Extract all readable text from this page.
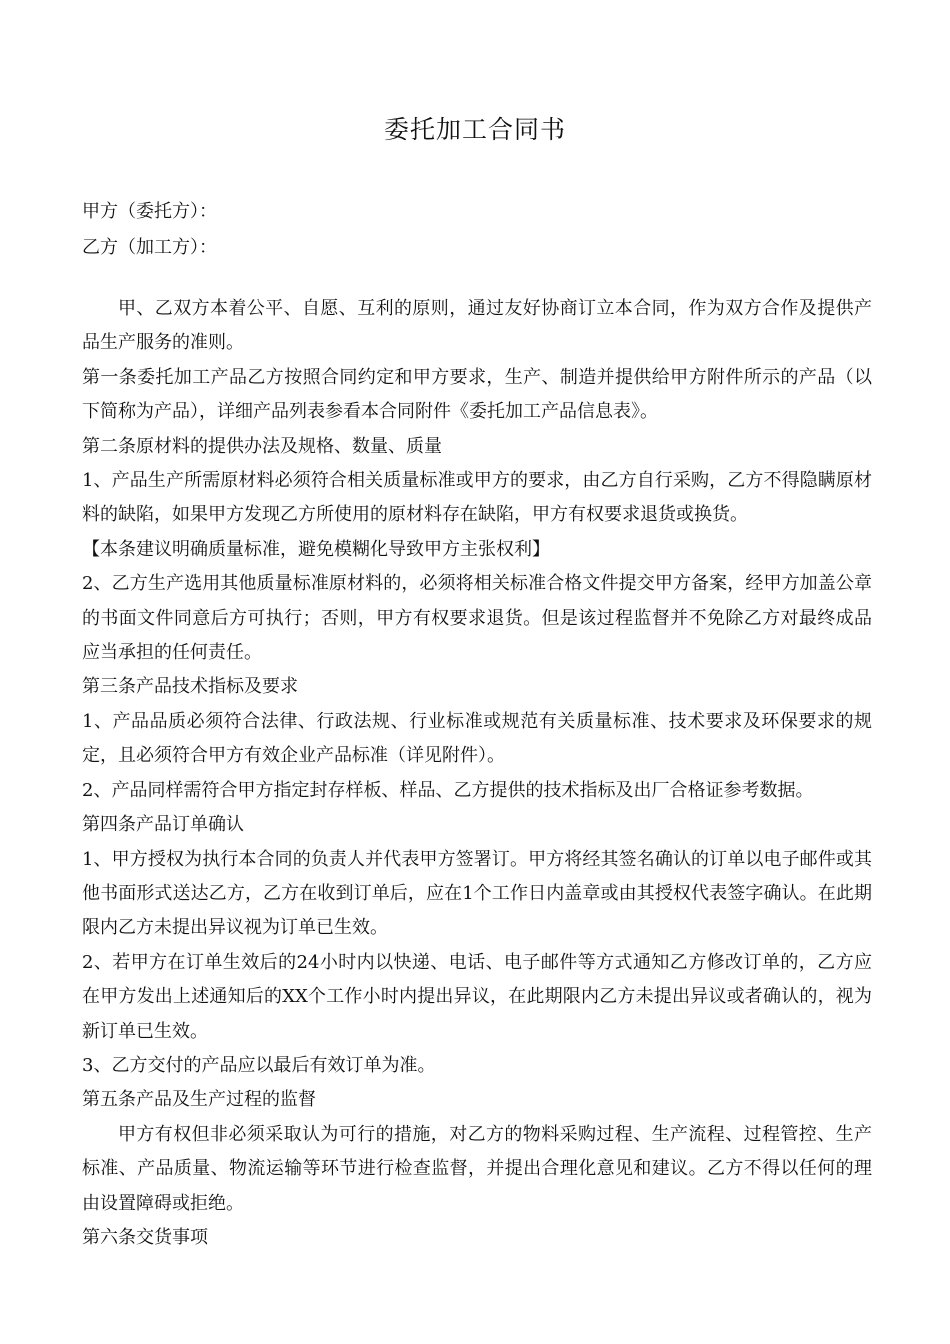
委托加工合同书

甲方（委托方）：

乙方（加工方）：

甲、乙双方本着公平、自愿、互利的原则，通过友好协商订立本合同，作为双方合作及提供产品生产服务的准则。

第一条委托加工产品乙方按照合同约定和甲方要求，生产、制造并提供给甲方附件所示的产品（以下简称为产品），详细产品列表参看本合同附件《委托加工产品信息表》。

第二条原材料的提供办法及规格、数量、质量

1、产品生产所需原材料必须符合相关质量标准或甲方的要求，由乙方自行采购，乙方不得隐瞒原材料的缺陷，如果甲方发现乙方所使用的原材料存在缺陷，甲方有权要求退货或换货。

【本条建议明确质量标准，避免模糊化导致甲方主张权利】

2、乙方生产选用其他质量标准原材料的，必须将相关标准合格文件提交甲方备案，经甲方加盖公章的书面文件同意后方可执行；否则，甲方有权要求退货。但是该过程监督并不免除乙方对最终成品应当承担的任何责任。

第三条产品技术指标及要求

1、产品品质必须符合法律、行政法规、行业标准或规范有关质量标准、技术要求及环保要求的规定，且必须符合甲方有效企业产品标准（详见附件）。

2、产品同样需符合甲方指定封存样板、样品、乙方提供的技术指标及出厂合格证参考数据。

第四条产品订单确认

1、甲方授权为执行本合同的负责人并代表甲方签署订。甲方将经其签名确认的订单以电子邮件或其他书面形式送达乙方，乙方在收到订单后，应在1个工作日内盖章或由其授权代表签字确认。在此期限内乙方未提出异议视为订单已生效。

2、若甲方在订单生效后的24小时内以快递、电话、电子邮件等方式通知乙方修改订单的，乙方应在甲方发出上述通知后的XX个工作小时内提出异议，在此期限内乙方未提出异议或者确认的，视为新订单已生效。

3、乙方交付的产品应以最后有效订单为准。

第五条产品及生产过程的监督

甲方有权但非必须采取认为可行的措施，对乙方的物料采购过程、生产流程、过程管控、生产标准、产品质量、物流运输等环节进行检查监督，并提出合理化意见和建议。乙方不得以任何的理由设置障碍或拒绝。

第六条交货事项
